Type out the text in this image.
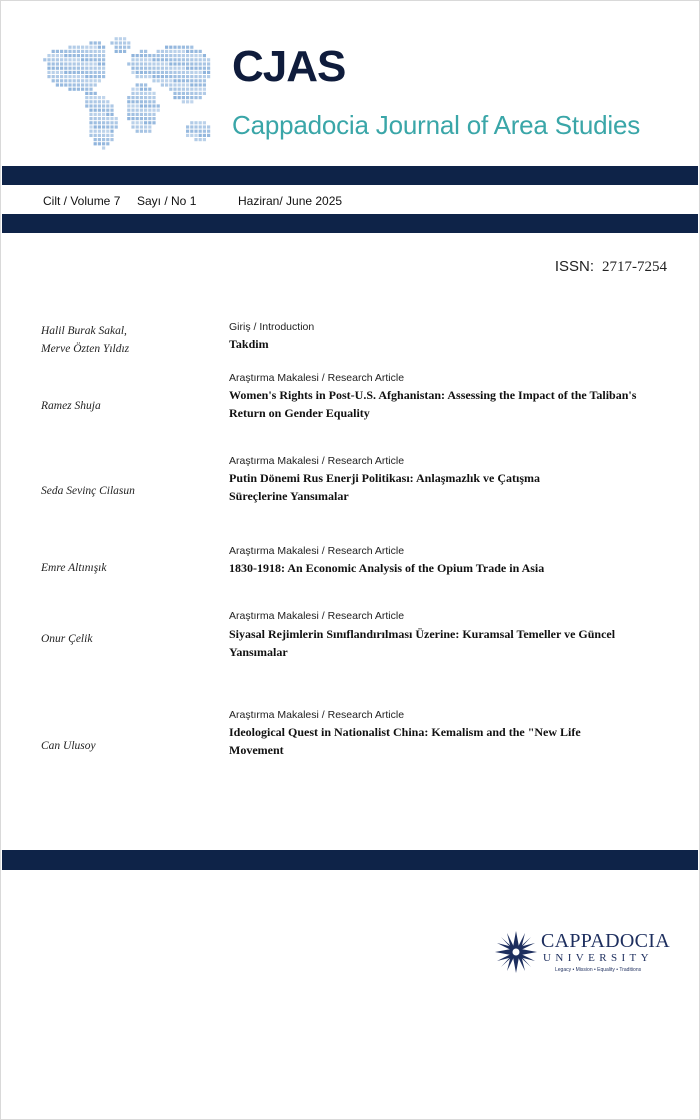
CJAS
Cappadocia Journal of Area Studies
Cilt / Volume 7 Sayı / No 1	Haziran/ June 2025
ISSN: 2717-7254
Halil Burak Sakal,
Merve Özten Yıldız
Giriş / Introduction
Takdim
Ramez Shuja
Araştırma Makalesi / Research Article
Women's Rights in Post-U.S. Afghanistan: Assessing the Impact of the Taliban's Return on Gender Equality
Seda Sevinç Cilasun
Araştırma Makalesi / Research Article
Putin Dönemi Rus Enerji Politikası: Anlaşmazlık ve Çatışma Süreçlerine Yansımalar
Emre Altınışık
Araştırma Makalesi / Research Article
1830-1918: An Economic Analysis of the Opium Trade in Asia
Onur Çelik
Araştırma Makalesi / Research Article
Siyasal Rejimlerin Sınıflandırılması Üzerine: Kuramsal Temeller ve Güncel Yansımalar
Can Ulusoy
Araştırma Makalesi / Research Article
Ideological Quest in Nationalist China: Kemalism and the "New Life Movement
CAPPADOCIA
UNIVERSITY
Legacy • Mission • Equality • Traditions
